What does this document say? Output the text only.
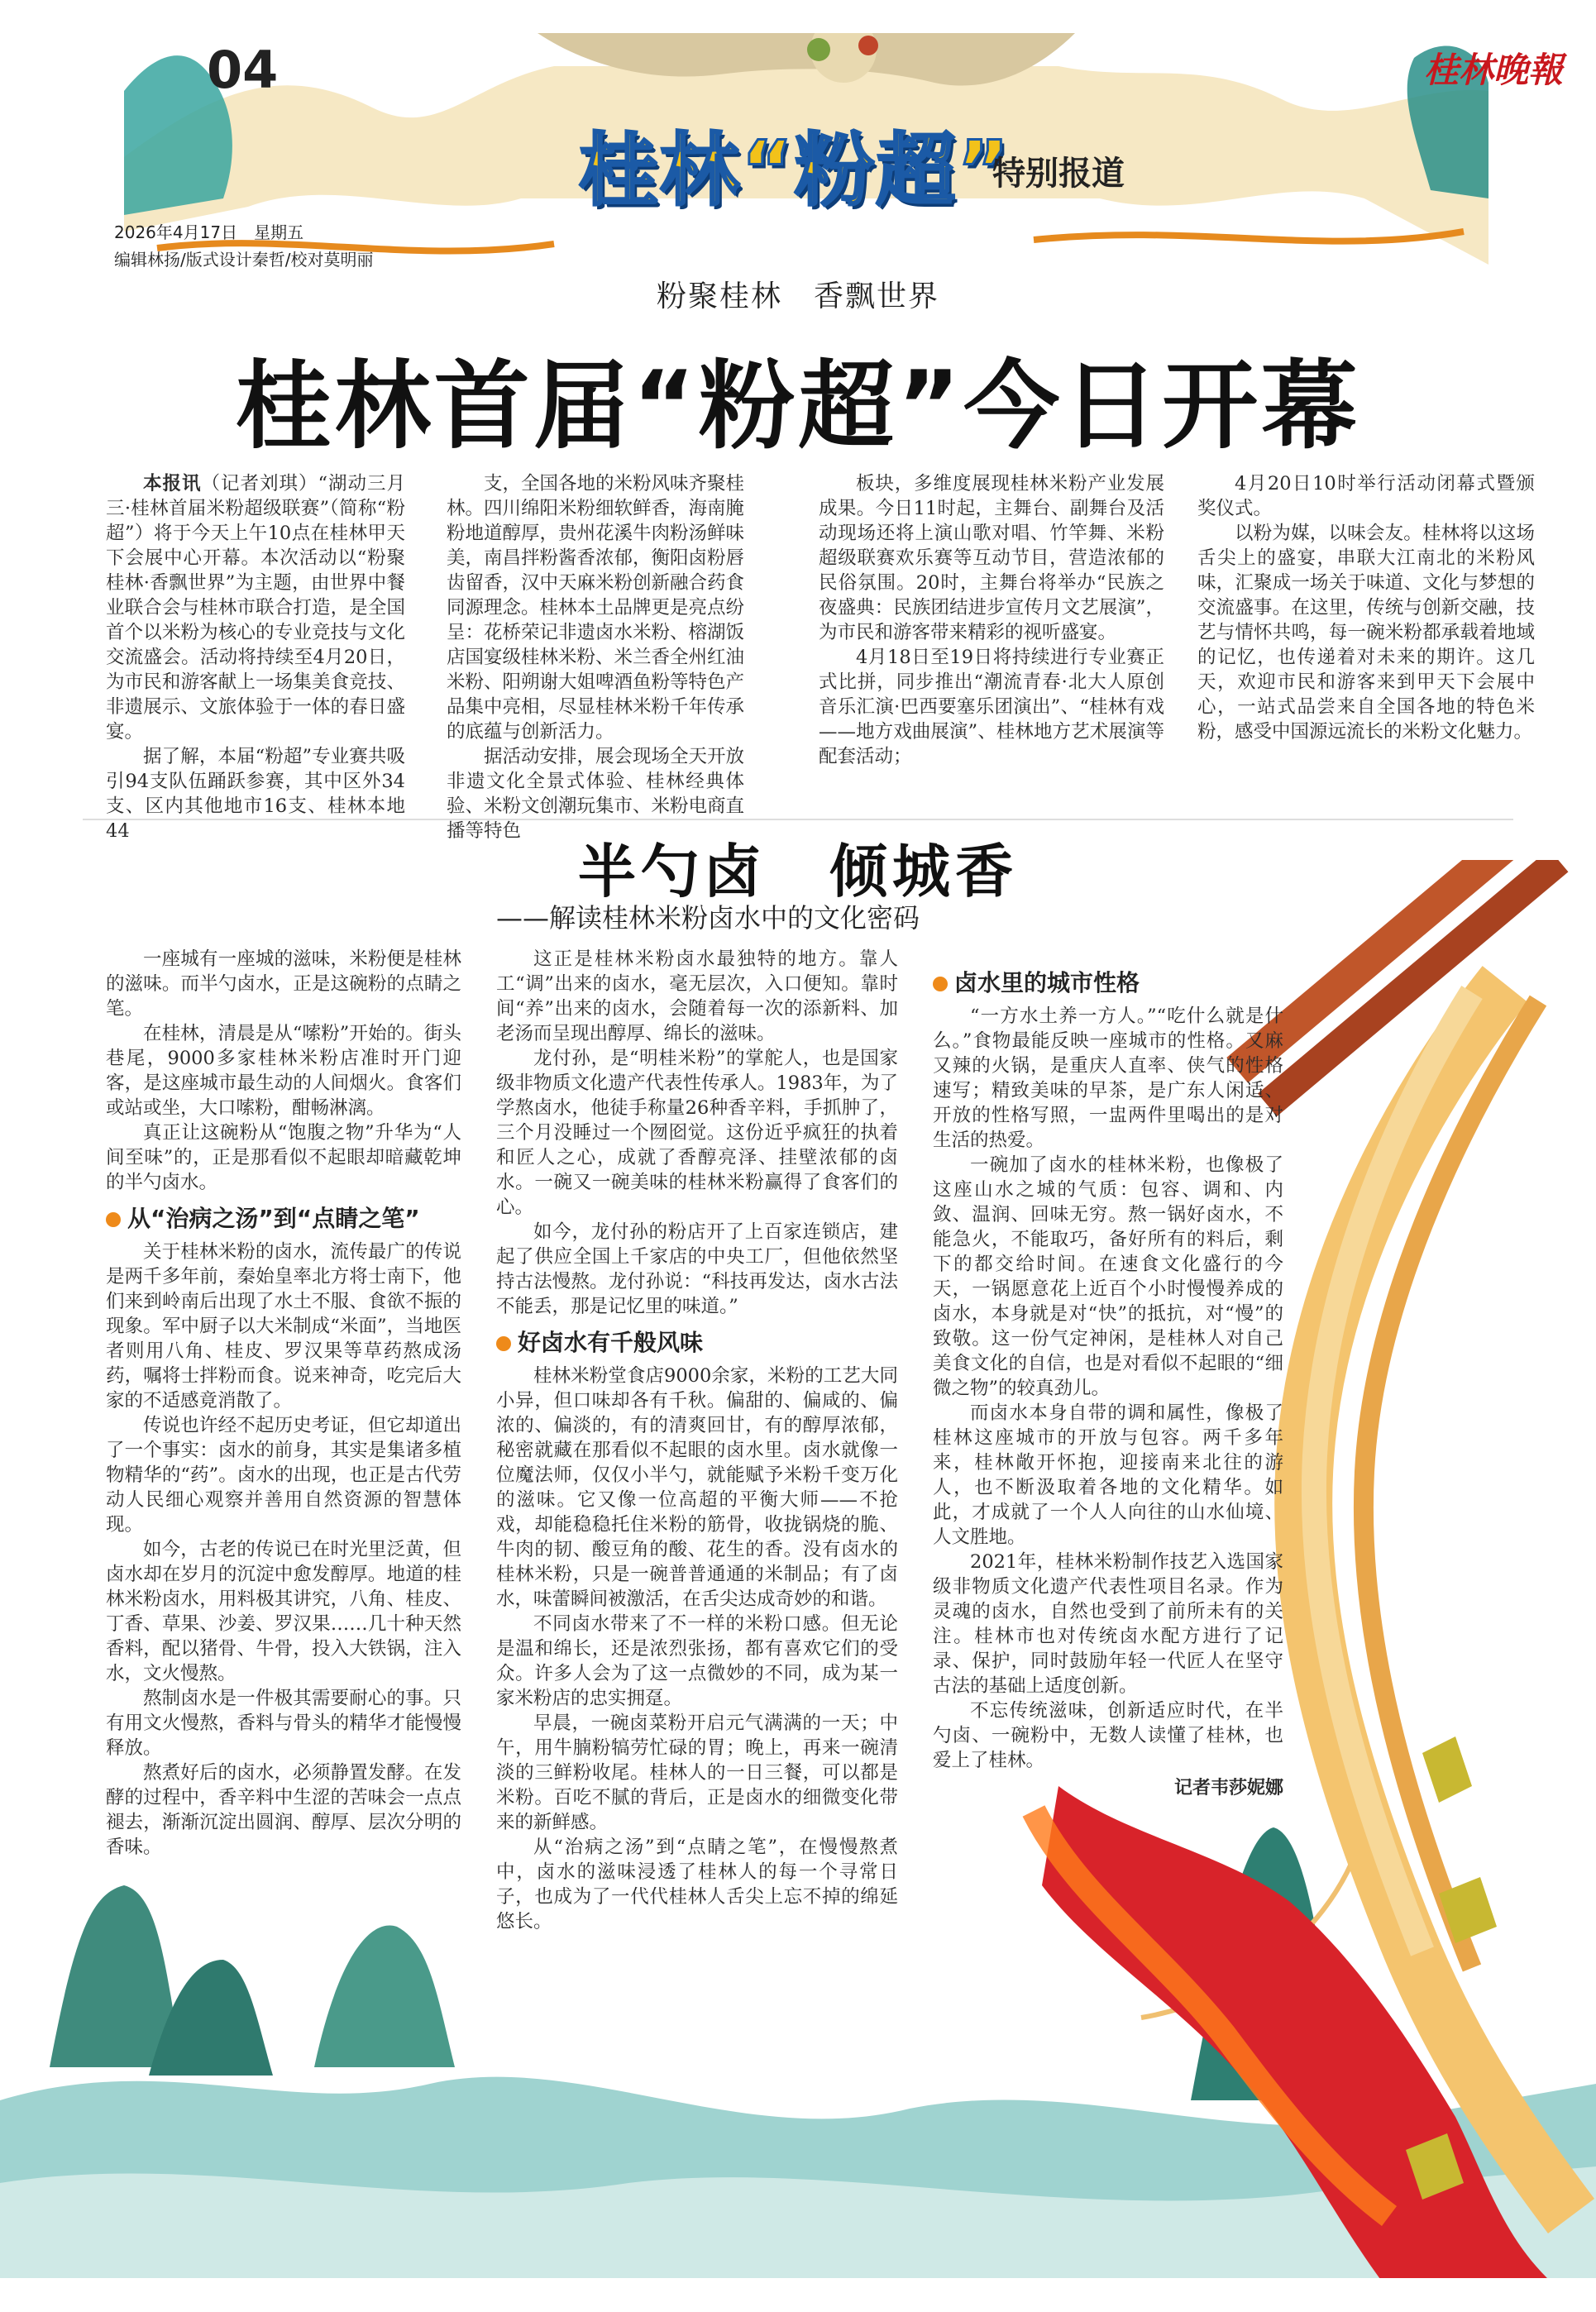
04	桂林晚報
桂林“粉超”
特别报道
2026年4月17日　星期五
编辑林扬/版式设计秦哲/校对莫明丽
粉聚桂林　香飘世界
桂林首届“粉超”今日开幕

本报讯（记者刘琪）“湖动三月三·桂林首届米粉超级联赛”（简称“粉超”）将于今天上午10点在桂林甲天下会展中心开幕。本次活动以“粉聚桂林·香飘世界”为主题，由世界中餐业联合会与桂林市联合打造，是全国首个以米粉为核心的专业竞技与文化交流盛会。活动将持续至4月20日，为市民和游客献上一场集美食竞技、非遗展示、文旅体验于一体的春日盛宴。

据了解，本届“粉超”专业赛共吸引94支队伍踊跃参赛，其中区外34支、区内其他地市16支、桂林本地44

支，全国各地的米粉风味齐聚桂林。四川绵阳米粉细软鲜香，海南腌粉地道醇厚，贵州花溪牛肉粉汤鲜味美，南昌拌粉酱香浓郁，衡阳卤粉唇齿留香，汉中天麻米粉创新融合药食同源理念。桂林本土品牌更是亮点纷呈：花桥荣记非遗卤水米粉、榕湖饭店国宴级桂林米粉、米兰香全州红油米粉、阳朔谢大姐啤酒鱼粉等特色产品集中亮相，尽显桂林米粉千年传承的底蕴与创新活力。

据活动安排，展会现场全天开放非遗文化全景式体验、桂林经典体验、米粉文创潮玩集市、米粉电商直播等特色

板块，多维度展现桂林米粉产业发展成果。今日11时起，主舞台、副舞台及活动现场还将上演山歌对唱、竹竿舞、米粉超级联赛欢乐赛等互动节目，营造浓郁的民俗氛围。20时，主舞台将举办“民族之夜盛典：民族团结进步宣传月文艺展演”，为市民和游客带来精彩的视听盛宴。

4月18日至19日将持续进行专业赛正式比拼，同步推出“潮流青春·北大人原创音乐汇演·巴西要塞乐团演出”、“桂林有戏——地方戏曲展演”、桂林地方艺术展演等配套活动；

4月20日10时举行活动闭幕式暨颁奖仪式。

以粉为媒，以味会友。桂林将以这场舌尖上的盛宴，串联大江南北的米粉风味，汇聚成一场关于味道、文化与梦想的交流盛事。在这里，传统与创新交融，技艺与情怀共鸣，每一碗米粉都承载着地域的记忆，也传递着对未来的期许。这几天，欢迎市民和游客来到甲天下会展中心，一站式品尝来自全国各地的特色米粉，感受中国源远流长的米粉文化魅力。

半勺卤　倾城香
——解读桂林米粉卤水中的文化密码

一座城有一座城的滋味，米粉便是桂林的滋味。而半勺卤水，正是这碗粉的点睛之笔。

在桂林，清晨是从“嗦粉”开始的。街头巷尾，9000多家桂林米粉店准时开门迎客，是这座城市最生动的人间烟火。食客们或站或坐，大口嗦粉，酣畅淋漓。

真正让这碗粉从“饱腹之物”升华为“人间至味”的，正是那看似不起眼却暗藏乾坤的半勺卤水。

从“治病之汤”到“点睛之笔”

关于桂林米粉的卤水，流传最广的传说是两千多年前，秦始皇率北方将士南下，他们来到岭南后出现了水土不服、食欲不振的现象。军中厨子以大米制成“米面”，当地医者则用八角、桂皮、罗汉果等草药熬成汤药，嘱将士拌粉而食。说来神奇，吃完后大家的不适感竟消散了。

传说也许经不起历史考证，但它却道出了一个事实：卤水的前身，其实是集诸多植物精华的“药”。卤水的出现，也正是古代劳动人民细心观察并善用自然资源的智慧体现。

如今，古老的传说已在时光里泛黄，但卤水却在岁月的沉淀中愈发醇厚。地道的桂林米粉卤水，用料极其讲究，八角、桂皮、丁香、草果、沙姜、罗汉果……几十种天然香料，配以猪骨、牛骨，投入大铁锅，注入水，文火慢熬。

熬制卤水是一件极其需要耐心的事。只有用文火慢熬，香料与骨头的精华才能慢慢释放。

熬煮好后的卤水，必须静置发酵。在发酵的过程中，香辛料中生涩的苦味会一点点褪去，渐渐沉淀出圆润、醇厚、层次分明的香味。

这正是桂林米粉卤水最独特的地方。靠人工“调”出来的卤水，毫无层次，入口便知。靠时间“养”出来的卤水，会随着每一次的添新料、加老汤而呈现出醇厚、绵长的滋味。

龙付孙，是“明桂米粉”的掌舵人，也是国家级非物质文化遗产代表性传承人。1983年，为了学熬卤水，他徒手称量26种香辛料，手抓肿了，三个月没睡过一个囫囵觉。这份近乎疯狂的执着和匠人之心，成就了香醇亮泽、挂壁浓郁的卤水。一碗又一碗美味的桂林米粉赢得了食客们的心。

如今，龙付孙的粉店开了上百家连锁店，建起了供应全国上千家店的中央工厂，但他依然坚持古法慢熬。龙付孙说：“科技再发达，卤水古法不能丢，那是记忆里的味道。”

好卤水有千般风味

桂林米粉堂食店9000余家，米粉的工艺大同小异，但口味却各有千秋。偏甜的、偏咸的、偏浓的、偏淡的，有的清爽回甘，有的醇厚浓郁，秘密就藏在那看似不起眼的卤水里。卤水就像一位魔法师，仅仅小半勺，就能赋予米粉千变万化的滋味。它又像一位高超的平衡大师——不抢戏，却能稳稳托住米粉的筋骨，收拢锅烧的脆、牛肉的韧、酸豆角的酸、花生的香。没有卤水的桂林米粉，只是一碗普普通通的米制品；有了卤水，味蕾瞬间被激活，在舌尖达成奇妙的和谐。

不同卤水带来了不一样的米粉口感。但无论是温和绵长，还是浓烈张扬，都有喜欢它们的受众。许多人会为了这一点微妙的不同，成为某一家米粉店的忠实拥趸。

早晨，一碗卤菜粉开启元气满满的一天；中午，用牛腩粉犒劳忙碌的胃；晚上，再来一碗清淡的三鲜粉收尾。桂林人的一日三餐，可以都是米粉。百吃不腻的背后，正是卤水的细微变化带来的新鲜感。

从“治病之汤”到“点睛之笔”，在慢慢熬煮中，卤水的滋味浸透了桂林人的每一个寻常日子，也成为了一代代桂林人舌尖上忘不掉的绵延悠长。

卤水里的城市性格

“一方水土养一方人。”“吃什么就是什么。”食物最能反映一座城市的性格。又麻又辣的火锅，是重庆人直率、侠气的性格速写；精致美味的早茶，是广东人闲适、开放的性格写照，一盅两件里喝出的是对生活的热爱。

一碗加了卤水的桂林米粉，也像极了这座山水之城的气质：包容、调和、内敛、温润、回味无穷。熬一锅好卤水，不能急火，不能取巧，备好所有的料后，剩下的都交给时间。在速食文化盛行的今天，一锅愿意花上近百个小时慢慢养成的卤水，本身就是对“快”的抵抗，对“慢”的致敬。这一份气定神闲，是桂林人对自己美食文化的自信，也是对看似不起眼的“细微之物”的较真劲儿。

而卤水本身自带的调和属性，像极了桂林这座城市的开放与包容。两千多年来，桂林敞开怀抱，迎接南来北往的游人，也不断汲取着各地的文化精华。如此，才成就了一个人人向往的山水仙境、人文胜地。

2021年，桂林米粉制作技艺入选国家级非物质文化遗产代表性项目名录。作为灵魂的卤水，自然也受到了前所未有的关注。桂林市也对传统卤水配方进行了记录、保护，同时鼓励年轻一代匠人在坚守古法的基础上适度创新。

不忘传统滋味，创新适应时代，在半勺卤、一碗粉中，无数人读懂了桂林，也爱上了桂林。

记者韦莎妮娜
